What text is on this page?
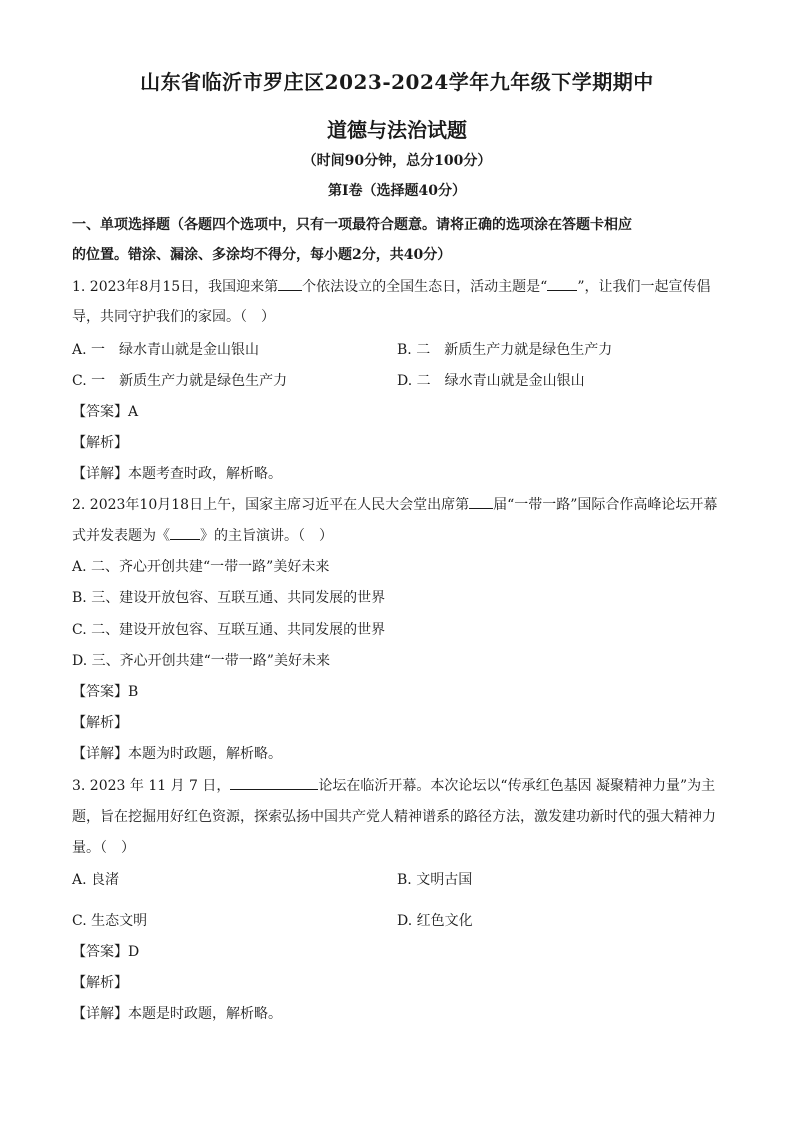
山东省临沂市罗庄区2023-2024学年九年级下学期期中
道德与法治试题
（时间90分钟，总分100分）
第Ⅰ卷（选择题40分）
一、单项选择题（各题四个选项中，只有一项最符合题意。请将正确的选项涂在答题卡相应
的位置。错涂、漏涂、多涂均不得分，每小题2分，共40分）
1. 2023年8月15日，我国迎来第 个依法设立的全国生态日，活动主题是“ ”，让我们一起宣传倡
导，共同守护我们的家园。（　）
A. 一　绿水青山就是金山银山	B. 二　新质生产力就是绿色生产力
C. 一　新质生产力就是绿色生产力	D. 二　绿水青山就是金山银山
【答案】A
【解析】
【详解】本题考查时政，解析略。
2. 2023年10月18日上午，国家主席习近平在人民大会堂出席第 届“一带一路”国际合作高峰论坛开幕
式并发表题为《 》的主旨演讲。（　）
A. 二、齐心开创共建“一带一路”美好未来
B. 三、建设开放包容、互联互通、共同发展的世界
C. 二、建设开放包容、互联互通、共同发展的世界
D. 三、齐心开创共建“一带一路”美好未来
【答案】B
【解析】
【详解】本题为时政题，解析略。
3. 2023 年 11 月 7 日，	论坛在临沂开幕。本次论坛以“传承红色基因 凝聚精神力量”为主
题，旨在挖掘用好红色资源，探索弘扬中国共产党人精神谱系的路径方法，激发建功新时代的强大精神力
量。（　）
A. 良渚	B. 文明古国
C. 生态文明	D. 红色文化
【答案】D
【解析】
【详解】本题是时政题，解析略。
